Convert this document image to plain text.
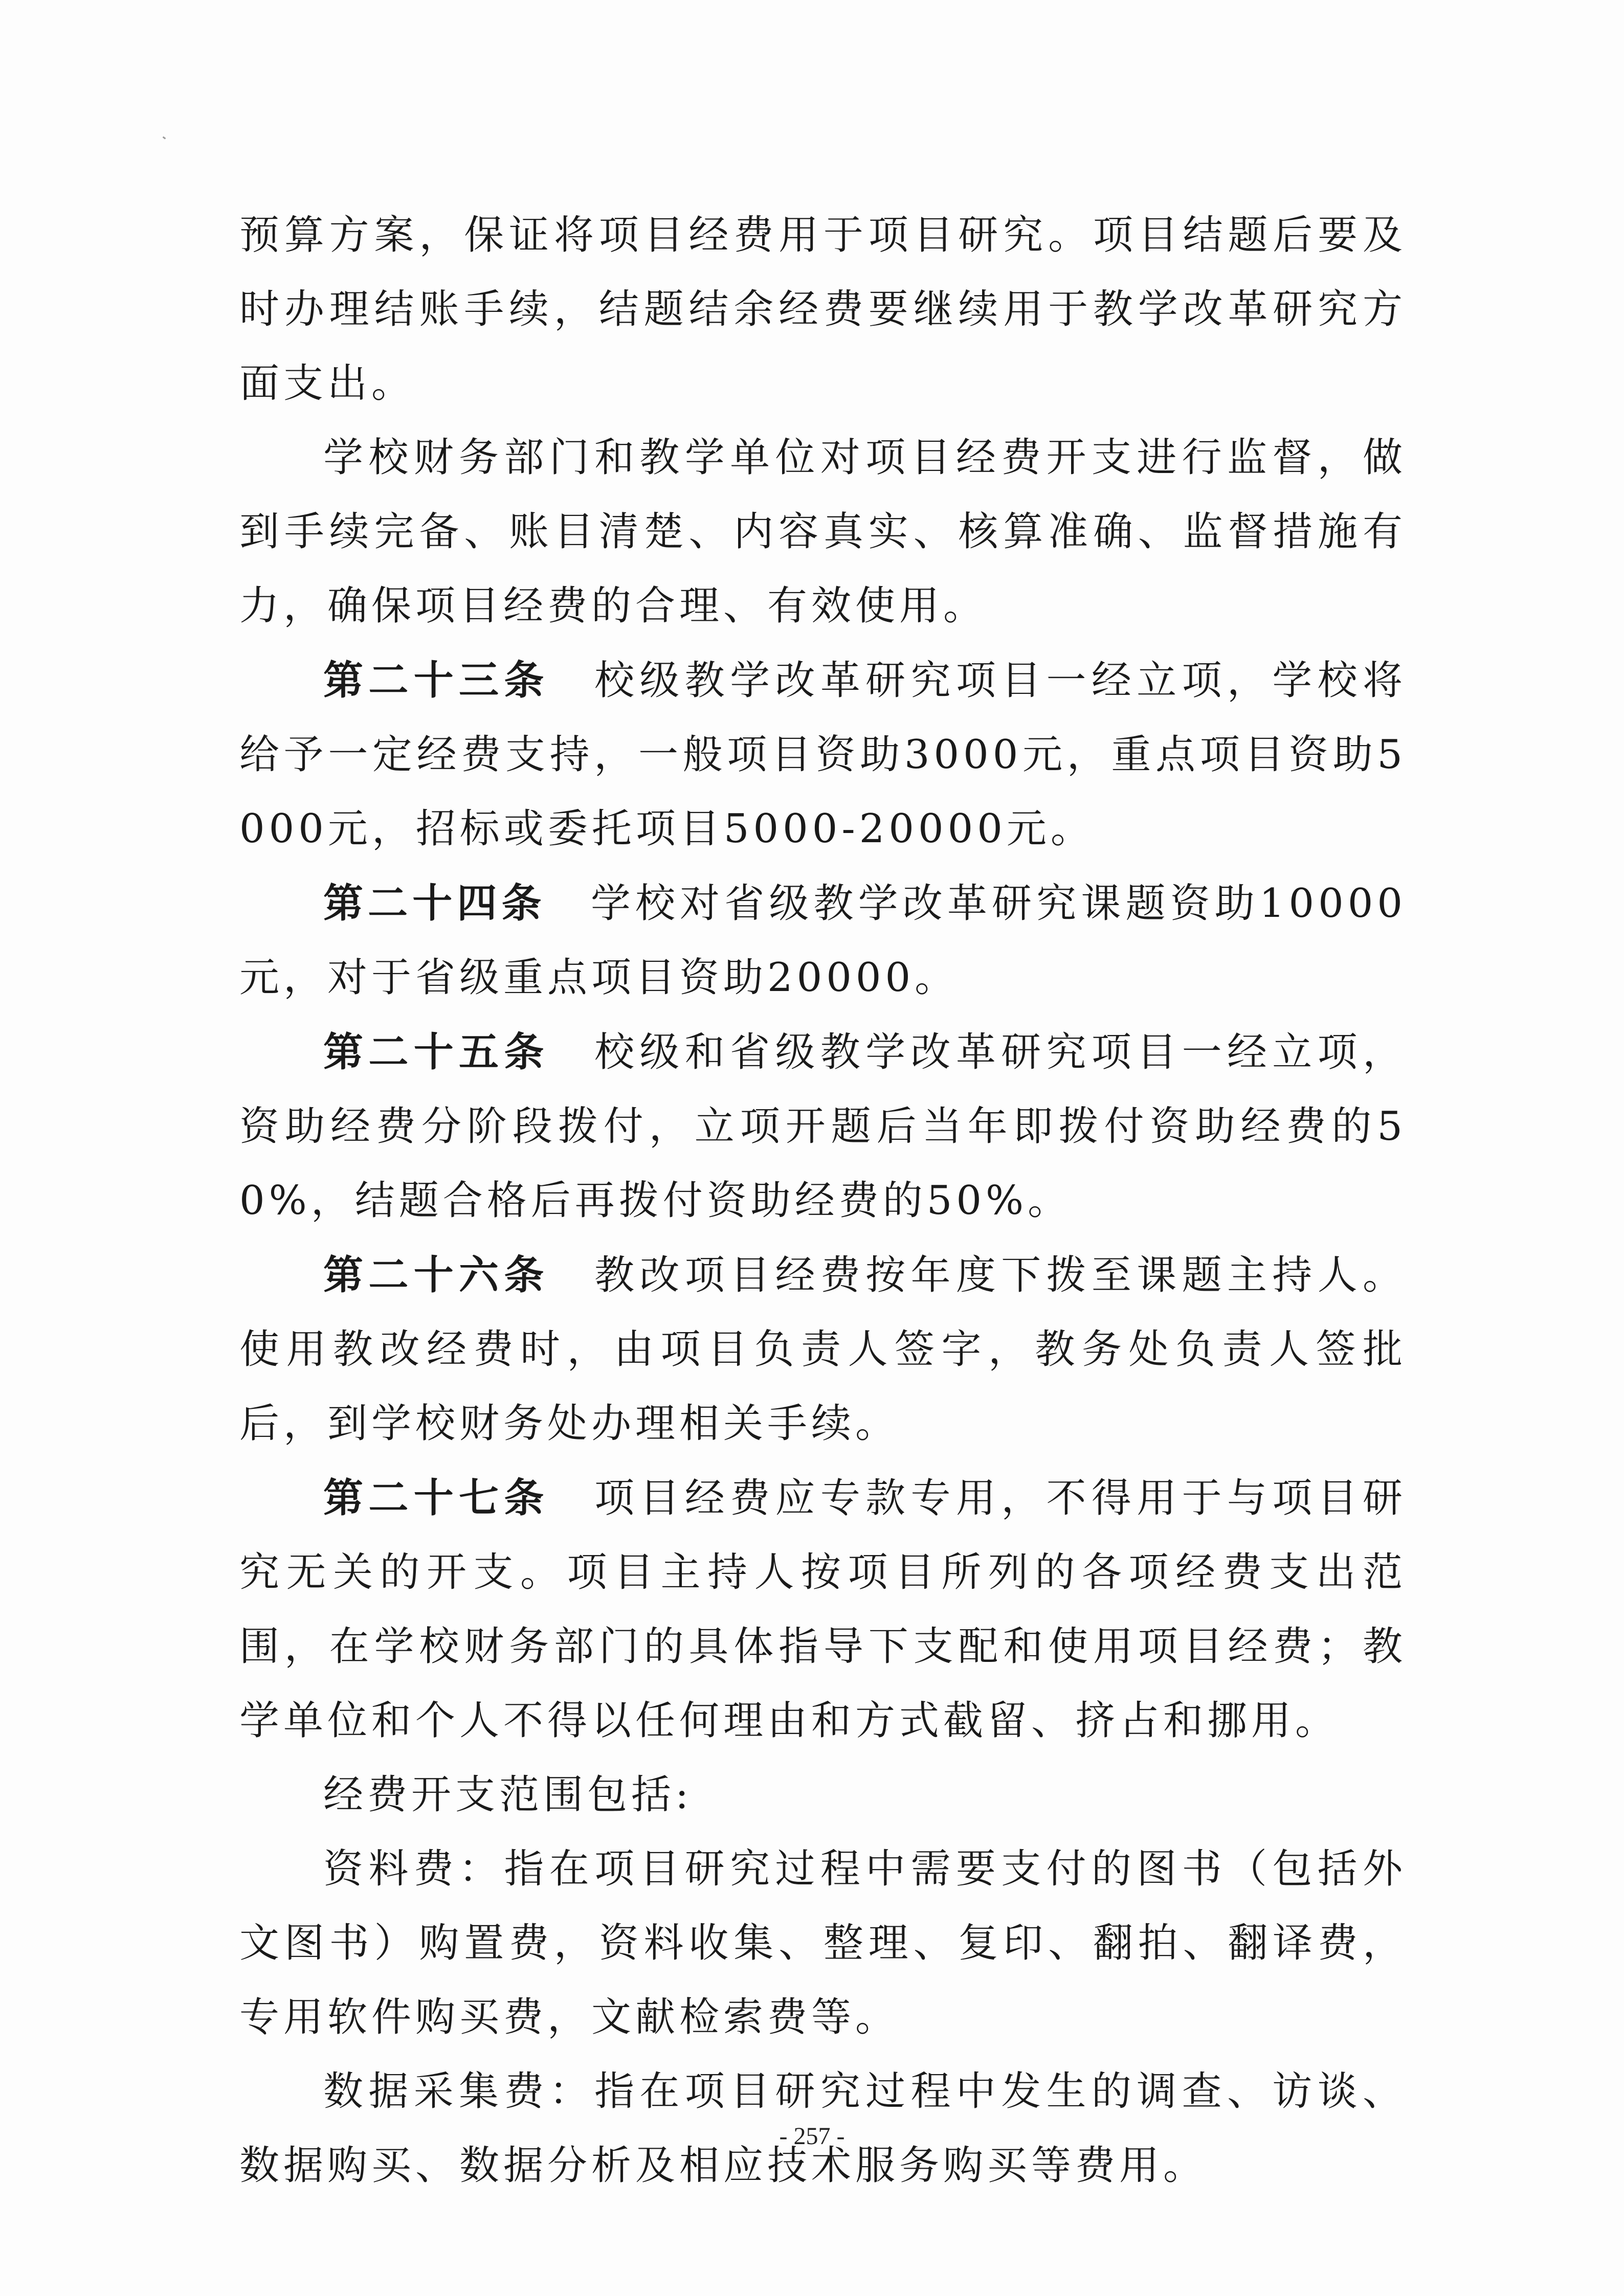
预算方案，保证将项目经费用于项目研究。项目结题后要及时办理结账手续，结题结余经费要继续用于教学改革研究方面支出。

学校财务部门和教学单位对项目经费开支进行监督，做到手续完备、账目清楚、内容真实、核算准确、监督措施有力，确保项目经费的合理、有效使用。

第二十三条 校级教学改革研究项目一经立项，学校将给予一定经费支持，一般项目资助3000元，重点项目资助5000元，招标或委托项目5000-20000元。

第二十四条 学校对省级教学改革研究课题资助10000元，对于省级重点项目资助20000。

第二十五条 校级和省级教学改革研究项目一经立项，资助经费分阶段拨付，立项开题后当年即拨付资助经费的50%，结题合格后再拨付资助经费的50%。

第二十六条 教改项目经费按年度下拨至课题主持人。使用教改经费时，由项目负责人签字，教务处负责人签批后，到学校财务处办理相关手续。

第二十七条 项目经费应专款专用，不得用于与项目研究无关的开支。项目主持人按项目所列的各项经费支出范围，在学校财务部门的具体指导下支配和使用项目经费；教学单位和个人不得以任何理由和方式截留、挤占和挪用。

经费开支范围包括:

资料费：指在项目研究过程中需要支付的图书（包括外文图书）购置费，资料收集、整理、复印、翻拍、翻译费，专用软件购买费，文献检索费等。

数据采集费：指在项目研究过程中发生的调查、访谈、数据购买、数据分析及相应技术服务购买等费用。

- 257 -
